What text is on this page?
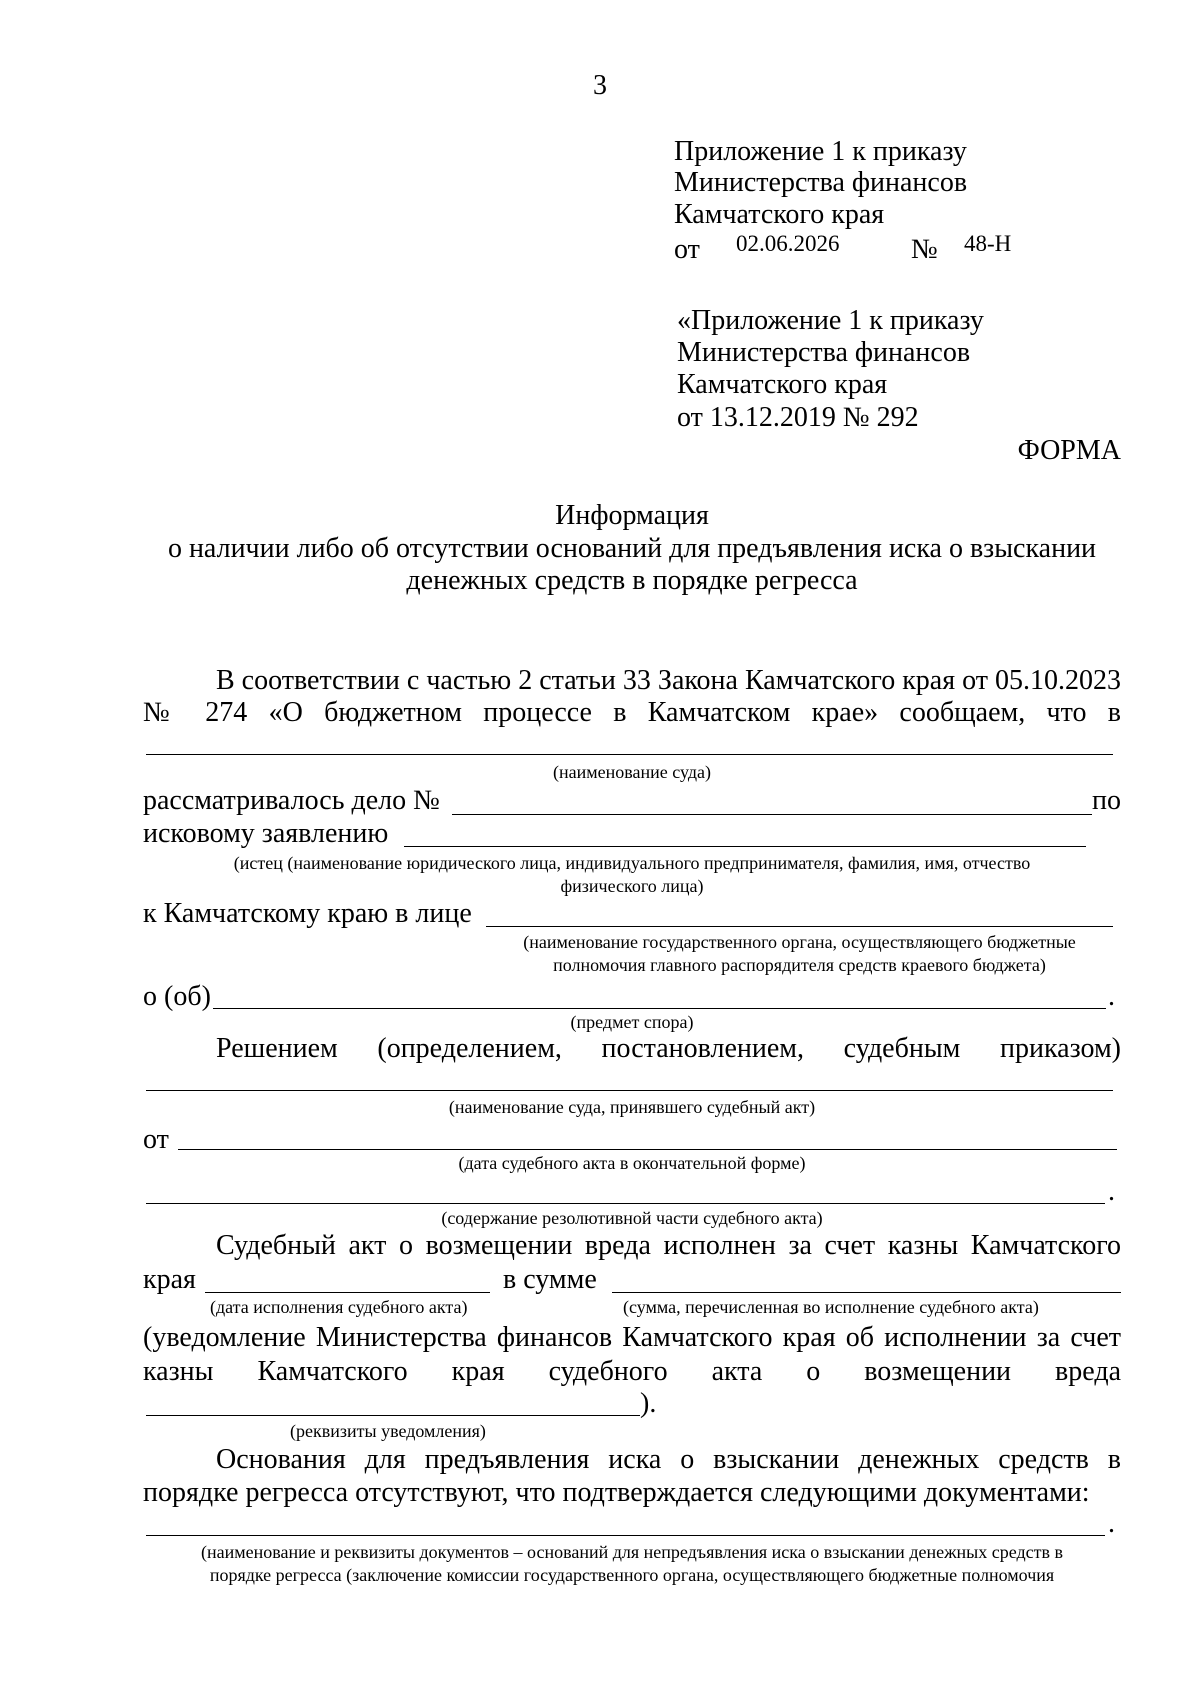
3
Приложение 1 к приказу
Министерства финансов
Камчатского края
от 02.06.2026	№ 48-Н
«Приложение 1 к приказу
Министерства финансов
Камчатского края
от 13.12.2019 № 292
ФОРМА
Информация
о наличии либо об отсутствии оснований для предъявления иска о взыскании
денежных средств в порядке регресса
В соответствии с частью 2 статьи 33 Закона Камчатского края от 05.10.2023
№ 274 «О бюджетном процессе в Камчатском крае» сообщаем, что в
(наименование суда)
рассматривалось дело №	по
исковому заявлению
(истец (наименование юридического лица, индивидуального предпринимателя, фамилия, имя, отчество
физического лица)
к Камчатскому краю в лице
(наименование государственного органа, осуществляющего бюджетные
полномочия главного распорядителя средств краевого бюджета)
о (об)	.
(предмет спора)
Решением (определением, постановлением, судебным приказом)
(наименование суда, принявшего судебный акт)
от
(дата судебного акта в окончательной форме)
.
(содержание резолютивной части судебного акта)
Судебный акт о возмещении вреда исполнен за счет казны Камчатского
края	в сумме
(дата исполнения судебного акта)	(сумма, перечисленная во исполнение судебного акта)
(уведомление Министерства финансов Камчатского края об исполнении за счет
казны Камчатского края судебного акта о возмещении вреда
).
(реквизиты уведомления)
Основания для предъявления иска о взыскании денежных средств в
порядке регресса отсутствуют, что подтверждается следующими документами:
.
(наименование и реквизиты документов – оснований для непредъявления иска о взыскании денежных средств в
порядке регресса (заключение комиссии государственного органа, осуществляющего бюджетные полномочия
